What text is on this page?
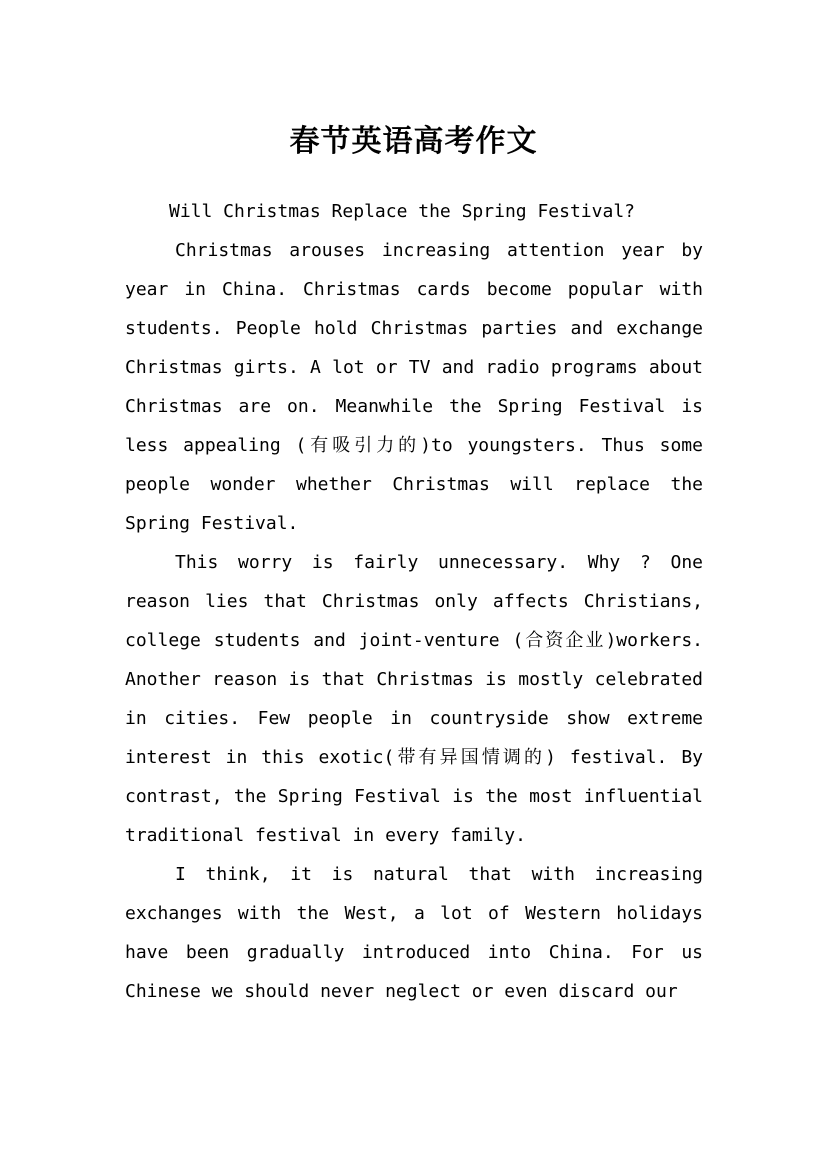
春节英语高考作文

Will Christmas Replace the Spring Festival?

Christmas arouses increasing attention year by year in China. Christmas cards become popular with students. People hold Christmas parties and exchange Christmas girts. A lot or TV and radio programs about Christmas are on. Meanwhile the Spring Festival is less appealing (有吸引力的)to youngsters. Thus some people wonder whether Christmas will replace the Spring Festival.

This worry is fairly unnecessary. Why ? One reason lies that Christmas only affects Christians, college students and joint-venture (合资企业)workers. Another reason is that Christmas is mostly celebrated in cities. Few people in countryside show extreme interest in this exotic(带有异国情调的) festival. By contrast, the Spring Festival is the most influential traditional festival in every family.

I think, it is natural that with increasing exchanges with the West, a lot of Western holidays have been gradually introduced into China. For us Chinese we should never neglect or even discard our
